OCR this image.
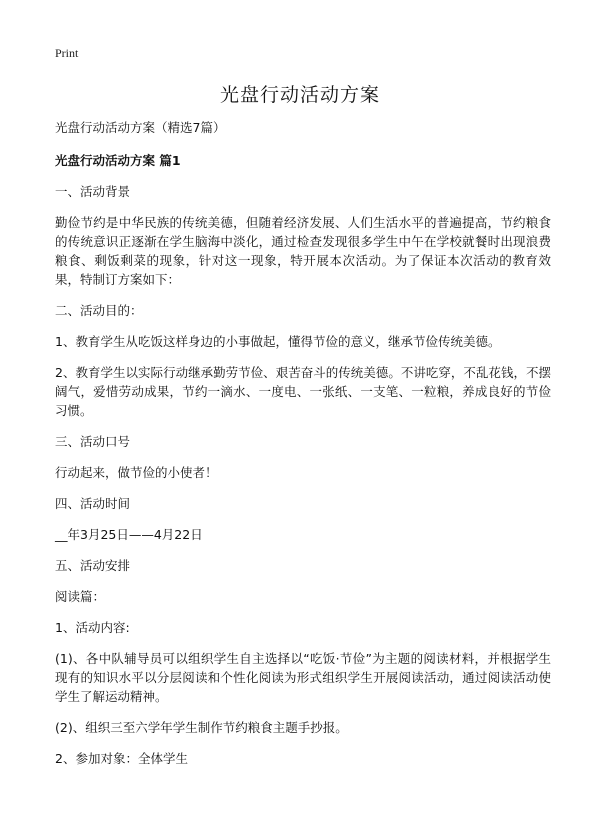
Print
光盘行动活动方案

光盘行动活动方案（精选7篇）

光盘行动活动方案 篇1

一、活动背景

勤俭节约是中华民族的传统美德，但随着经济发展、人们生活水平的普遍提高，节约粮食的传统意识正逐渐在学生脑海中淡化，通过检查发现很多学生中午在学校就餐时出现浪费粮食、剩饭剩菜的现象，针对这一现象，特开展本次活动。为了保证本次活动的教育效果，特制订方案如下：

二、活动目的：

1、教育学生从吃饭这样身边的小事做起，懂得节俭的意义，继承节俭传统美德。

2、教育学生以实际行动继承勤劳节俭、艰苦奋斗的传统美德。不讲吃穿，不乱花钱，不摆阔气，爱惜劳动成果，节约一滴水、一度电、一张纸、一支笔、一粒粮，养成良好的节俭习惯。

三、活动口号

行动起来，做节俭的小使者！

四、活动时间

__年3月25日——4月22日

五、活动安排

阅读篇：

1、活动内容:

(1)、各中队辅导员可以组织学生自主选择以“吃饭·节俭”为主题的阅读材料，并根据学生现有的知识水平以分层阅读和个性化阅读为形式组织学生开展阅读活动，通过阅读活动使学生了解运动精神。

(2)、组织三至六学年学生制作节约粮食主题手抄报。

2、参加对象：全体学生
